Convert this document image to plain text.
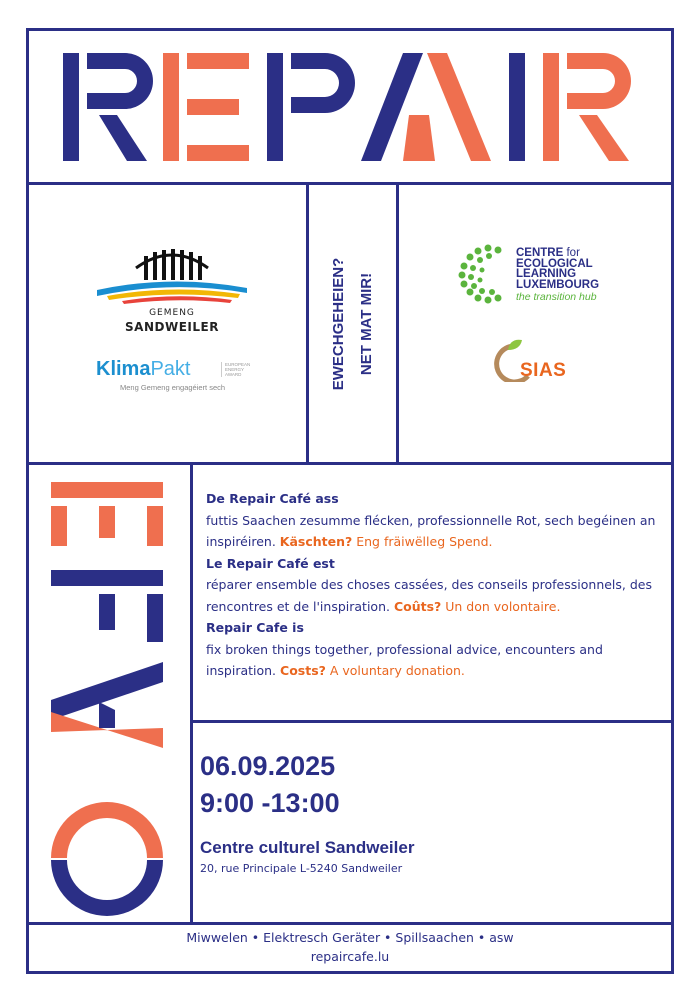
GEMENG
SANDWEILER
KlimaPakt	EUROPEAN
ENERGY
AWARD
Meng Gemeng engagéiert sech	EWECHGEHEIEN? NET MAT MIR!
CENTRE for
ECOLOGICAL
LEARNING
LUXEMBOURG
the transition hub
SIAS

De Repair Café ass

futtis Saachen zesumme flécken, professionnelle Rot, sech begéinen an inspiréiren. Käschten? Eng fräiwëlleg Spend.

Le Repair Café est

réparer ensemble des choses cassées, des conseils professionnels, des rencontres et de l'inspiration. Coûts? Un don volontaire.

Repair Cafe is

fix broken things together, professional advice, encounters and inspiration. Costs? A voluntary donation.

06.09.2025
9:00 -13:00
Centre culturel Sandweiler
20, rue Principale L-5240 Sandweiler
Miwwelen • Elektresch Geräter • Spillsaachen • asw
repaircafe.lu
